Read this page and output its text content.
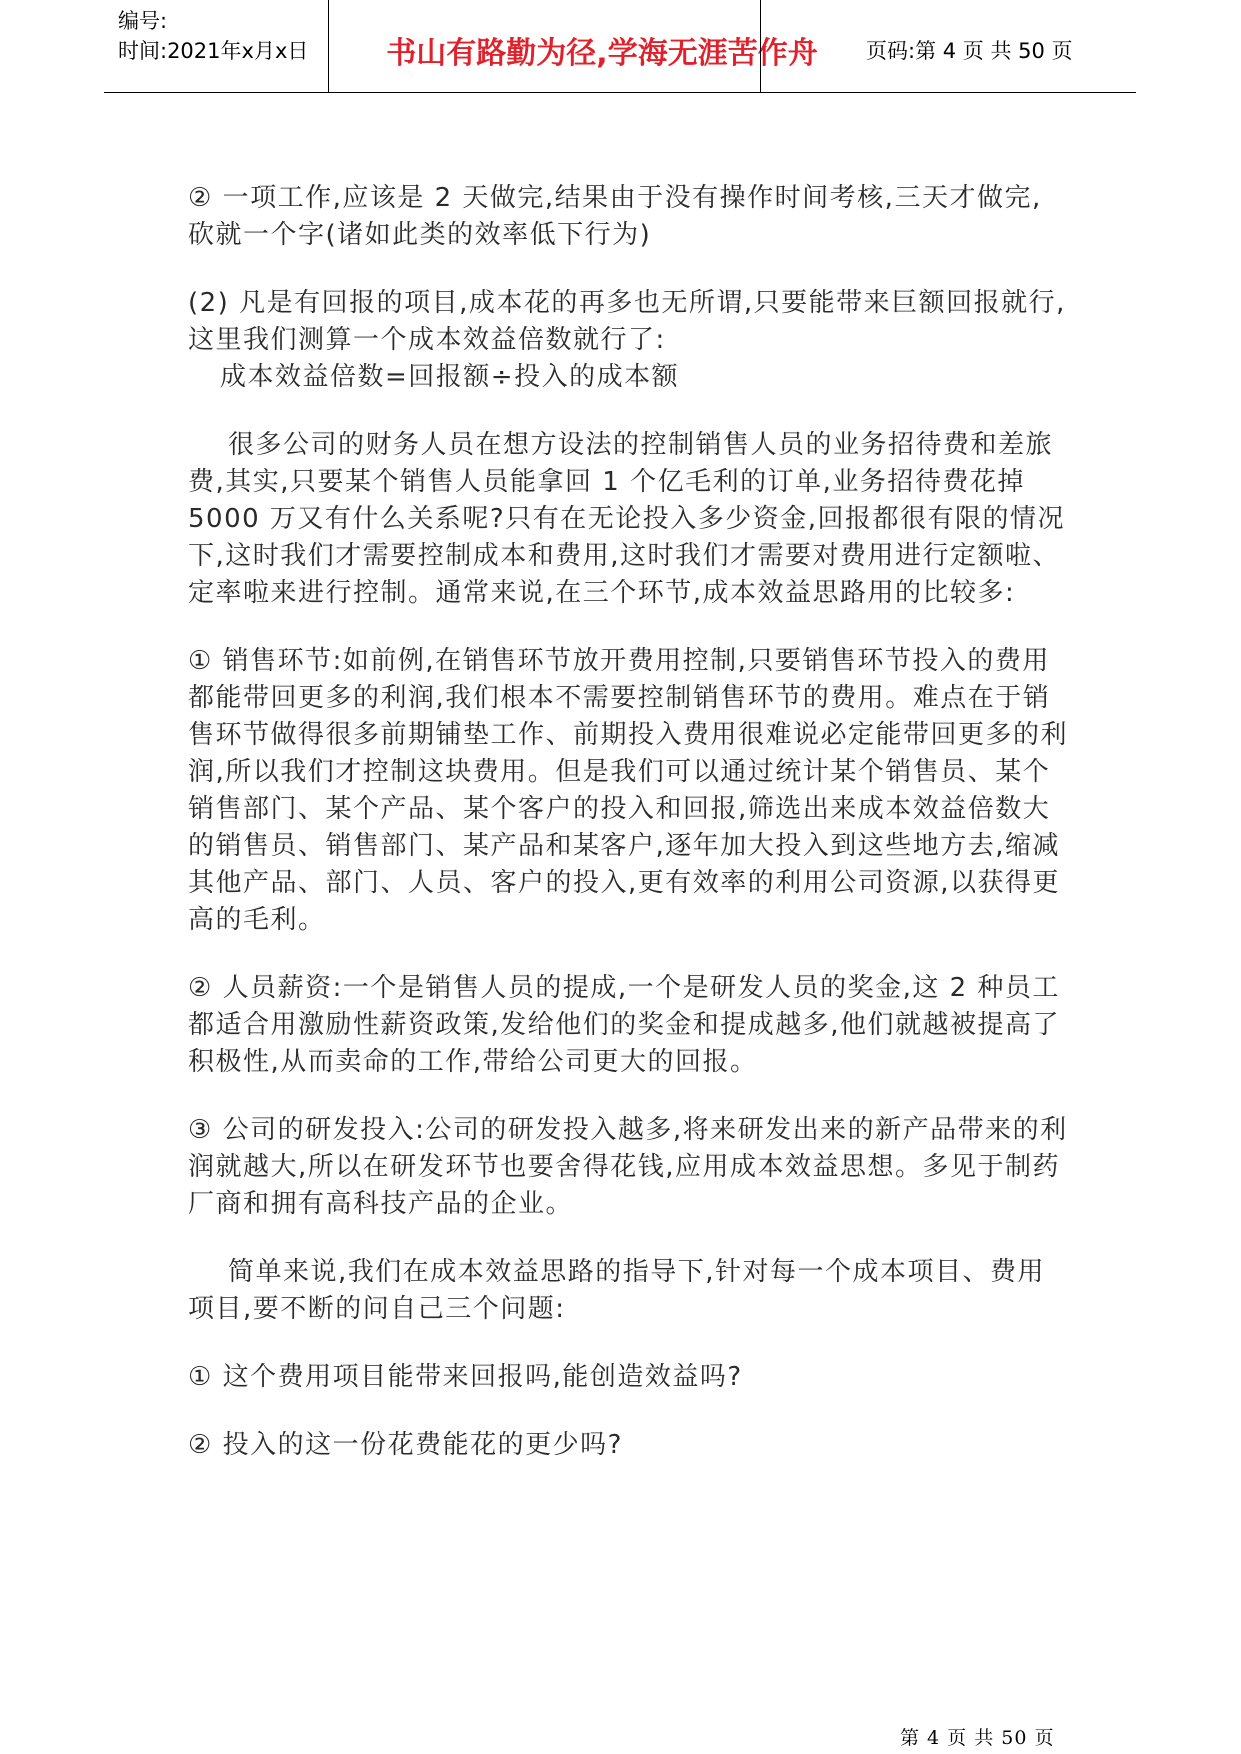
编号:
时间:2021年x月x日	书山有路勤为径,学海无涯苦作舟	页码:第 4 页 共 50 页

② 一项工作,应该是 2 天做完,结果由于没有操作时间考核,三天才做完,砍就一个字(诸如此类的效率低下行为)

(2) 凡是有回报的项目,成本花的再多也无所谓,只要能带来巨额回报就行,这里我们测算一个成本效益倍数就行了:

成本效益倍数=回报额÷投入的成本额

很多公司的财务人员在想方设法的控制销售人员的业务招待费和差旅费,其实,只要某个销售人员能拿回 1 个亿毛利的订单,业务招待费花掉 5000 万又有什么关系呢?只有在无论投入多少资金,回报都很有限的情况下,这时我们才需要控制成本和费用,这时我们才需要对费用进行定额啦、定率啦来进行控制。通常来说,在三个环节,成本效益思路用的比较多:

① 销售环节:如前例,在销售环节放开费用控制,只要销售环节投入的费用都能带回更多的利润,我们根本不需要控制销售环节的费用。难点在于销售环节做得很多前期铺垫工作、前期投入费用很难说必定能带回更多的利润,所以我们才控制这块费用。但是我们可以通过统计某个销售员、某个销售部门、某个产品、某个客户的投入和回报,筛选出来成本效益倍数大的销售员、销售部门、某产品和某客户,逐年加大投入到这些地方去,缩减其他产品、部门、人员、客户的投入,更有效率的利用公司资源,以获得更高的毛利。

② 人员薪资:一个是销售人员的提成,一个是研发人员的奖金,这 2 种员工都适合用激励性薪资政策,发给他们的奖金和提成越多,他们就越被提高了积极性,从而卖命的工作,带给公司更大的回报。

③ 公司的研发投入:公司的研发投入越多,将来研发出来的新产品带来的利润就越大,所以在研发环节也要舍得花钱,应用成本效益思想。多见于制药厂商和拥有高科技产品的企业。

简单来说,我们在成本效益思路的指导下,针对每一个成本项目、费用项目,要不断的问自己三个问题:

① 这个费用项目能带来回报吗,能创造效益吗?

② 投入的这一份花费能花的更少吗?

第 4 页 共 50 页
